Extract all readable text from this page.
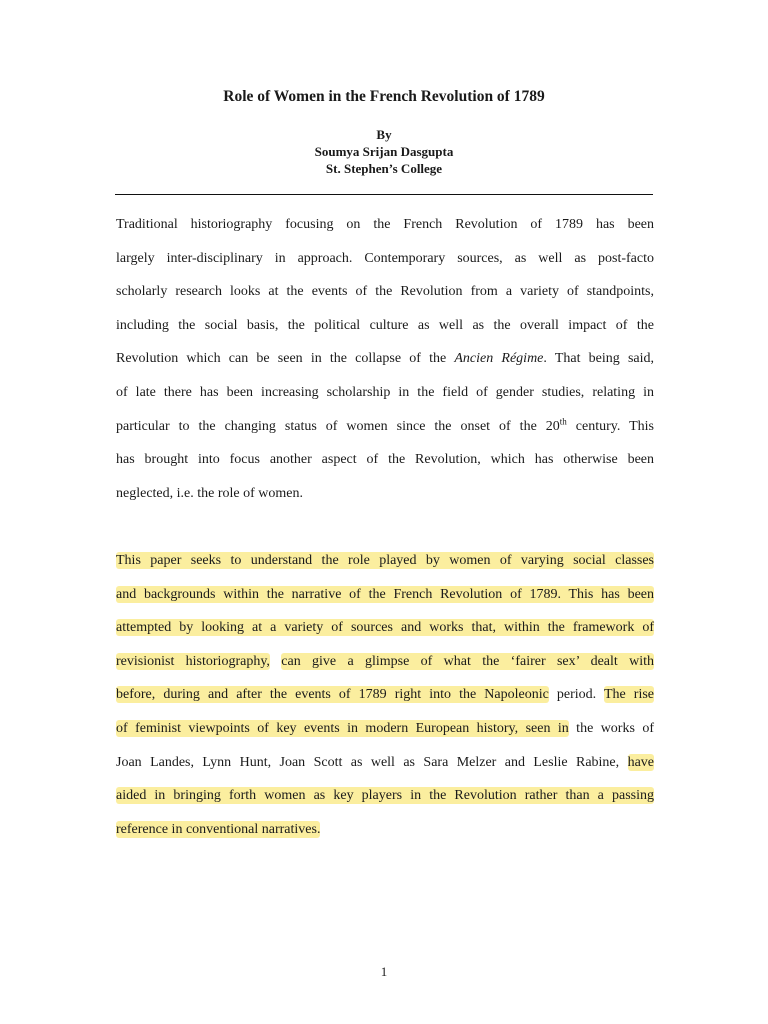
Role of Women in the French Revolution of 1789
By
Soumya Srijan Dasgupta
St. Stephen’s College
Traditional historiography focusing on the French Revolution of 1789 has been
largely inter-disciplinary in approach. Contemporary sources, as well as post-facto
scholarly research looks at the events of the Revolution from a variety of standpoints,
including the social basis, the political culture as well as the overall impact of the
Revolution which can be seen in the collapse of the Ancien Régime. That being said,
of late there has been increasing scholarship in the field of gender studies, relating in
particular to the changing status of women since the onset of the 20th century. This
has brought into focus another aspect of the Revolution, which has otherwise been
neglected, i.e. the role of women.
This paper seeks to understand the role played by women of varying social classes
and backgrounds within the narrative of the French Revolution of 1789. This has been
attempted by looking at a variety of sources and works that, within the framework of
revisionist historiography, can give a glimpse of what the ‘fairer sex’ dealt with
before, during and after the events of 1789 right into the Napoleonic period. The rise
of feminist viewpoints of key events in modern European history, seen in the works of
Joan Landes, Lynn Hunt, Joan Scott as well as Sara Melzer and Leslie Rabine, have
aided in bringing forth women as key players in the Revolution rather than a passing
reference in conventional narratives.
1
